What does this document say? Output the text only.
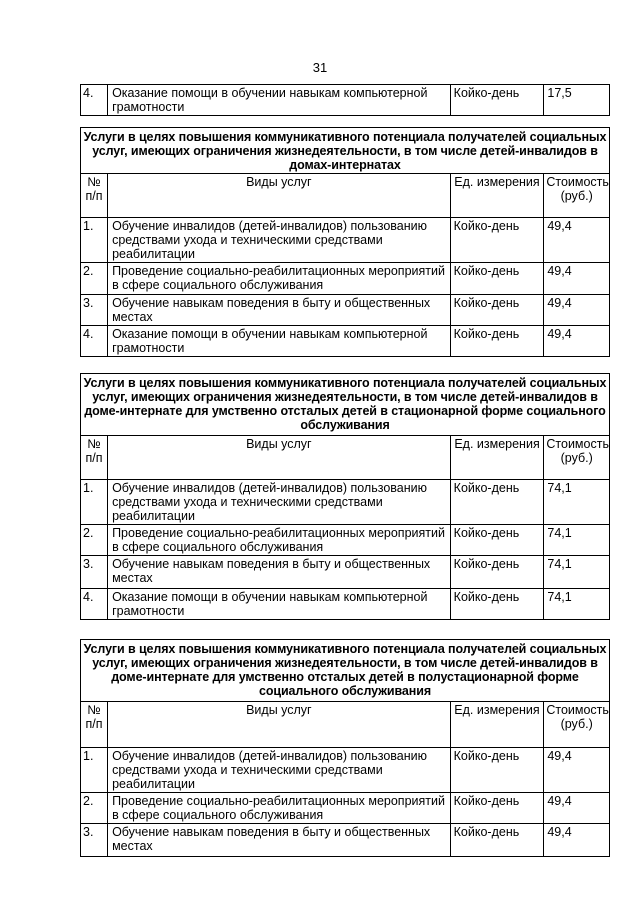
31
4.	Оказание помощи в обучении навыкам компьютерной грамотности	Койко-день	17,5
Услуги в целях повышения коммуникативного потенциала получателей социальных услуг, имеющих ограничения жизнедеятельности, в том числе детей-инвалидов в домах-интернатах			
№ п/п	Виды услуг	Ед. измерения	Стоимость (руб.)
1.	Обучение инвалидов (детей-инвалидов) пользованию средствами ухода и техническими средствами реабилитации	Койко-день	49,4
2.	Проведение социально-реабилитационных мероприятий в сфере социального обслуживания	Койко-день	49,4
3.	Обучение навыкам поведения в быту и общественных местах	Койко-день	49,4
4.	Оказание помощи в обучении навыкам компьютерной грамотности	Койко-день	49,4
Услуги в целях повышения коммуникативного потенциала получателей социальных услуг, имеющих ограничения жизнедеятельности, в том числе детей-инвалидов в доме-интернате для умственно отсталых детей в стационарной форме социального обслуживания			
№ п/п	Виды услуг	Ед. измерения	Стоимость (руб.)
1.	Обучение инвалидов (детей-инвалидов) пользованию средствами ухода и техническими средствами реабилитации	Койко-день	74,1
2.	Проведение социально-реабилитационных мероприятий в сфере социального обслуживания	Койко-день	74,1
3.	Обучение навыкам поведения в быту и общественных местах	Койко-день	74,1
4.	Оказание помощи в обучении навыкам компьютерной грамотности	Койко-день	74,1
Услуги в целях повышения коммуникативного потенциала получателей социальных услуг, имеющих ограничения жизнедеятельности, в том числе детей-инвалидов в доме-интернате для умственно отсталых детей в полустационарной форме социального обслуживания			
№ п/п	Виды услуг	Ед. измерения	Стоимость (руб.)
1.	Обучение инвалидов (детей-инвалидов) пользованию средствами ухода и техническими средствами реабилитации	Койко-день	49,4
2.	Проведение социально-реабилитационных мероприятий в сфере социального обслуживания	Койко-день	49,4
3.	Обучение навыкам поведения в быту и общественных местах	Койко-день	49,4
